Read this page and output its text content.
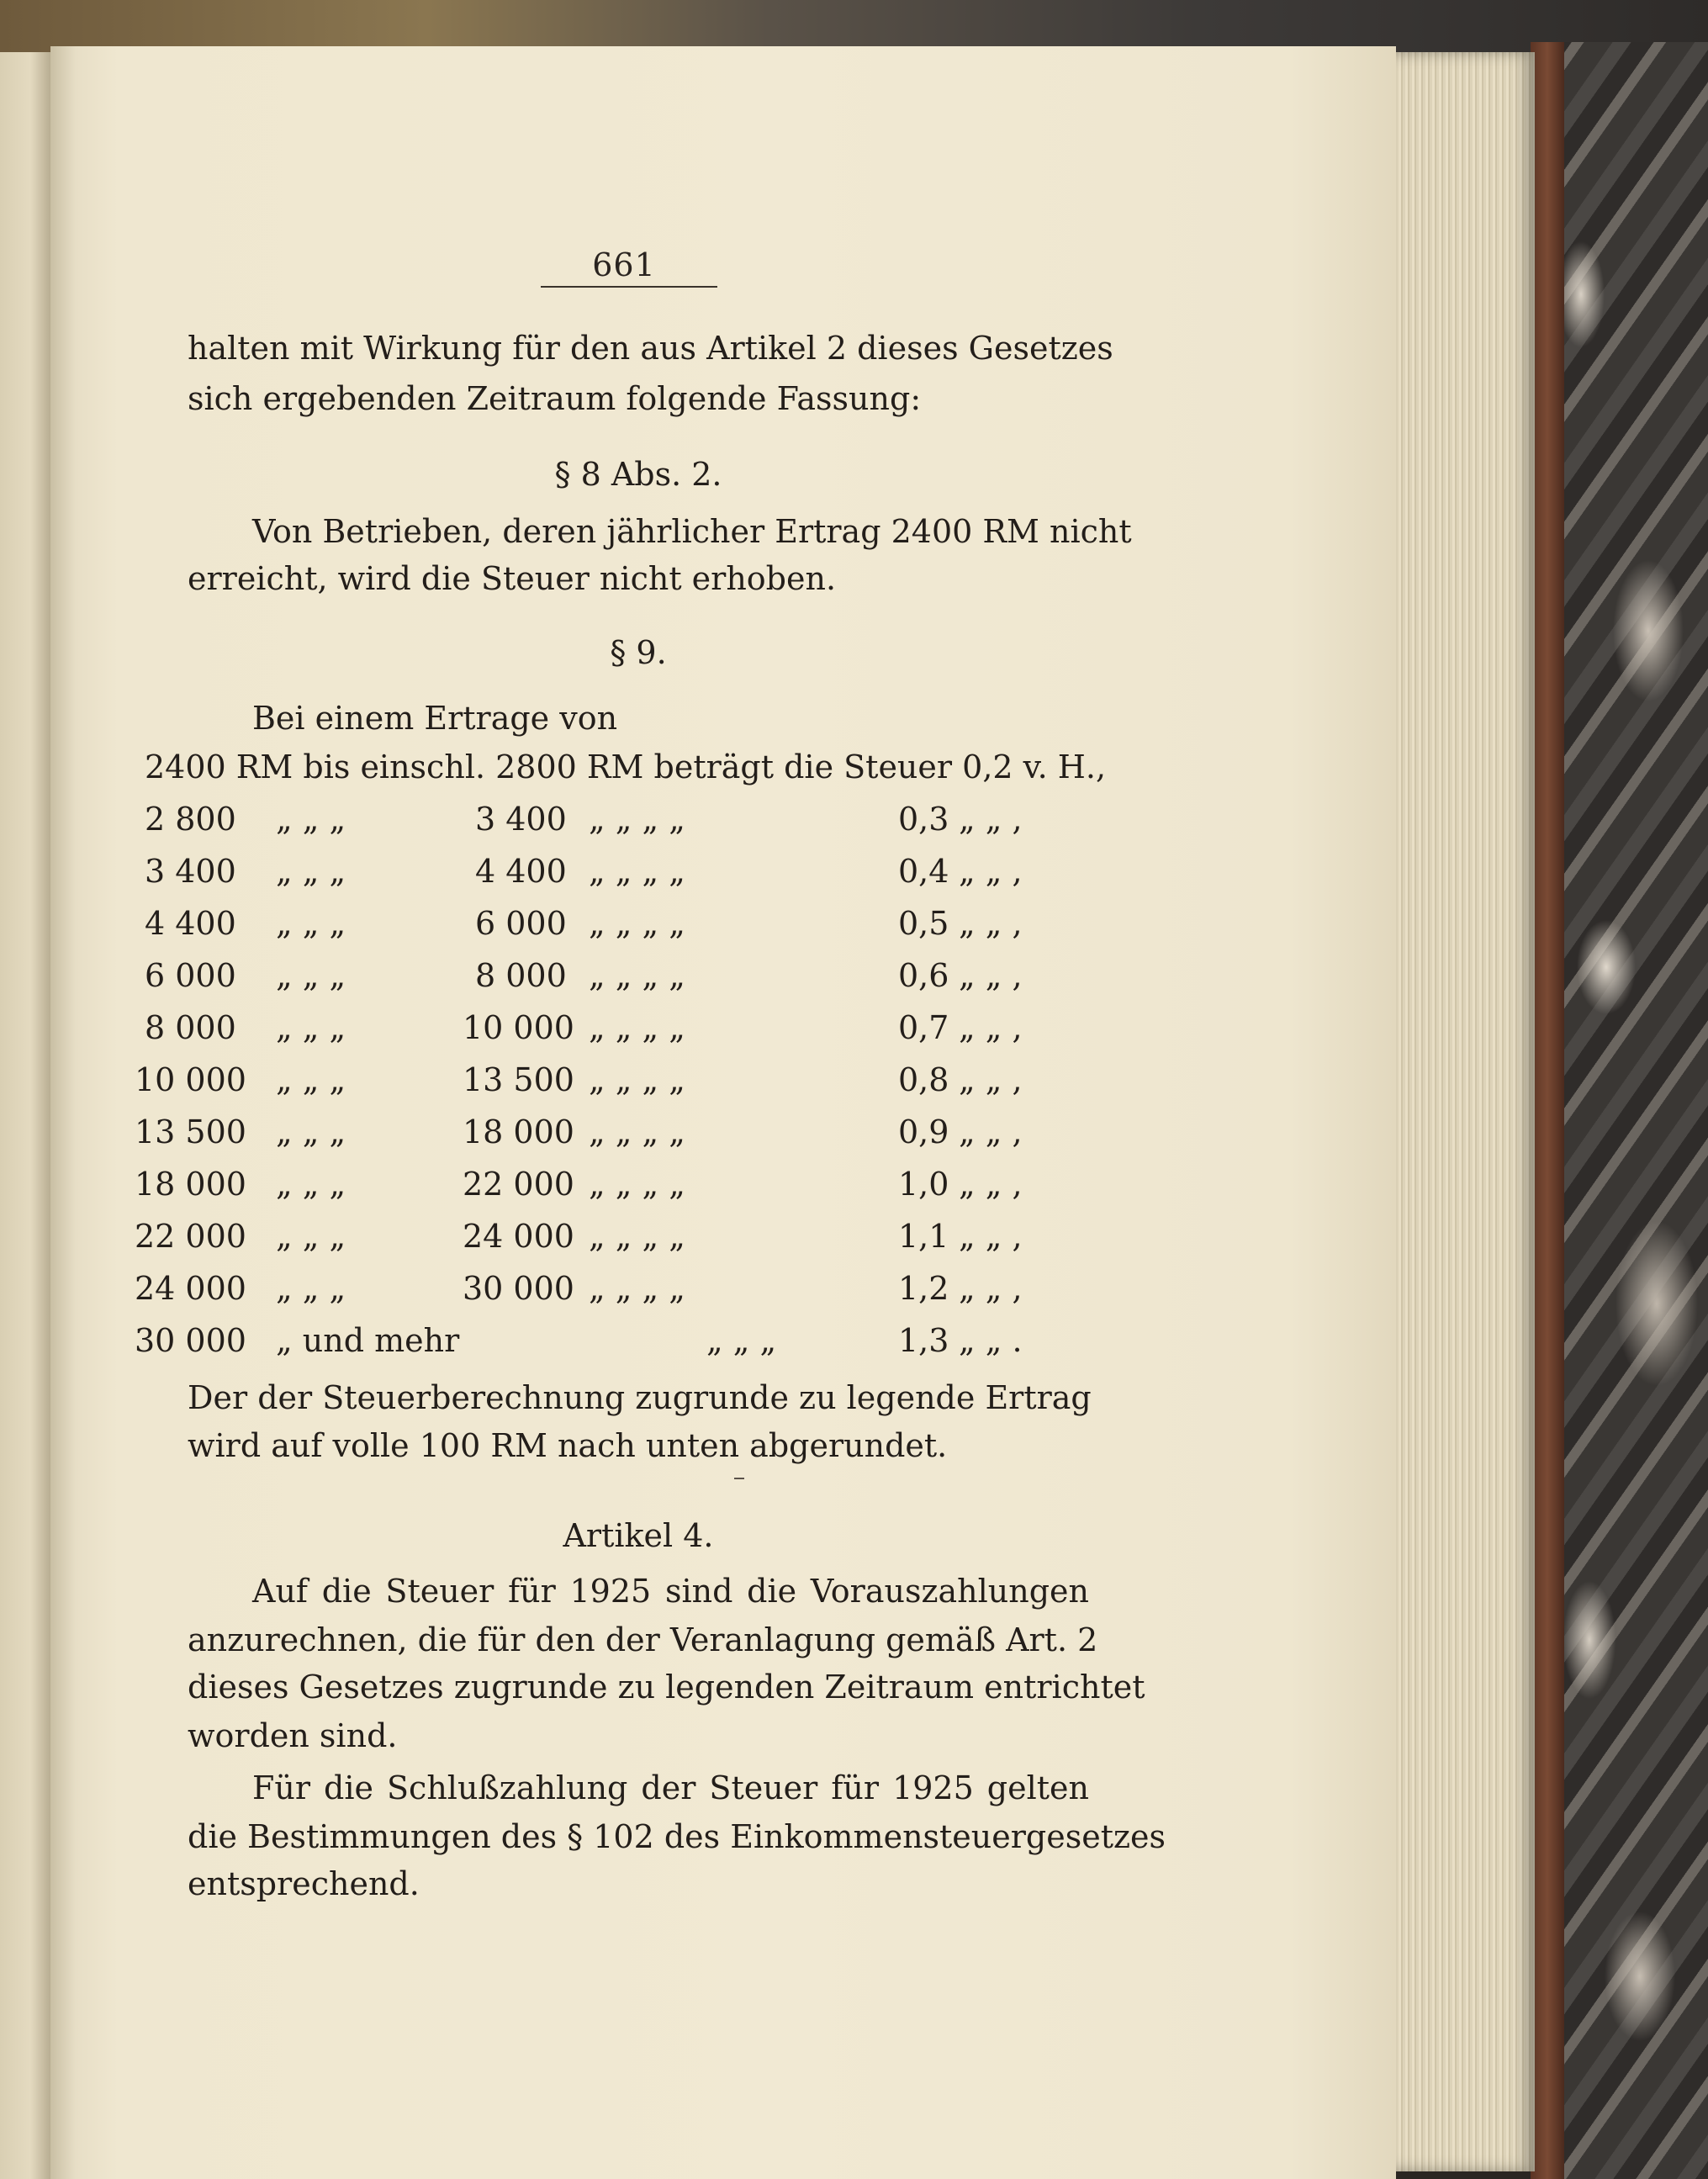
661
halten mit Wirkung für den aus Artikel 2 dieses Gesetzes
sich ergebenden Zeitraum folgende Fassung:
§ 8 Abs. 2.
Von Betrieben, deren jährlicher Ertrag 2400 RM nicht
erreicht, wird die Steuer nicht erhoben.
§ 9.
Bei einem Ertrage von
2400 RM bis einschl. 2800 RM beträgt die Steuer 0,2 v. H.,
2 800 „ „ „	3 400 „ „ „ „	0,3 „ „ ,
3 400 „ „ „	4 400 „ „ „ „	0,4 „ „ ,
4 400 „ „ „	6 000 „ „ „ „	0,5 „ „ ,
6 000 „ „ „	8 000 „ „ „ „	0,6 „ „ ,
8 000 „ „ „	10 000 „ „ „ „	0,7 „ „ ,
10 000 „ „ „	13 500 „ „ „ „	0,8 „ „ ,
13 500 „ „ „	18 000 „ „ „ „	0,9 „ „ ,
18 000 „ „ „	22 000 „ „ „ „	1,0 „ „ ,
22 000 „ „ „	24 000 „ „ „ „	1,1 „ „ ,
24 000 „ „ „	30 000 „ „ „ „	1,2 „ „ ,
30 000 „ und mehr	„ „ „	1,3 „ „ .
Der der Steuerberechnung zugrunde zu legende Ertrag
wird auf volle 100 RM nach unten abgerundet.
Artikel 4.
Auf die Steuer für 1925 sind die Vorauszahlungen
anzurechnen, die für den der Veranlagung gemäß Art. 2
dieses Gesetzes zugrunde zu legenden Zeitraum entrichtet
worden sind.
Für die Schlußzahlung der Steuer für 1925 gelten
die Bestimmungen des § 102 des Einkommensteuergesetzes
entsprechend.
